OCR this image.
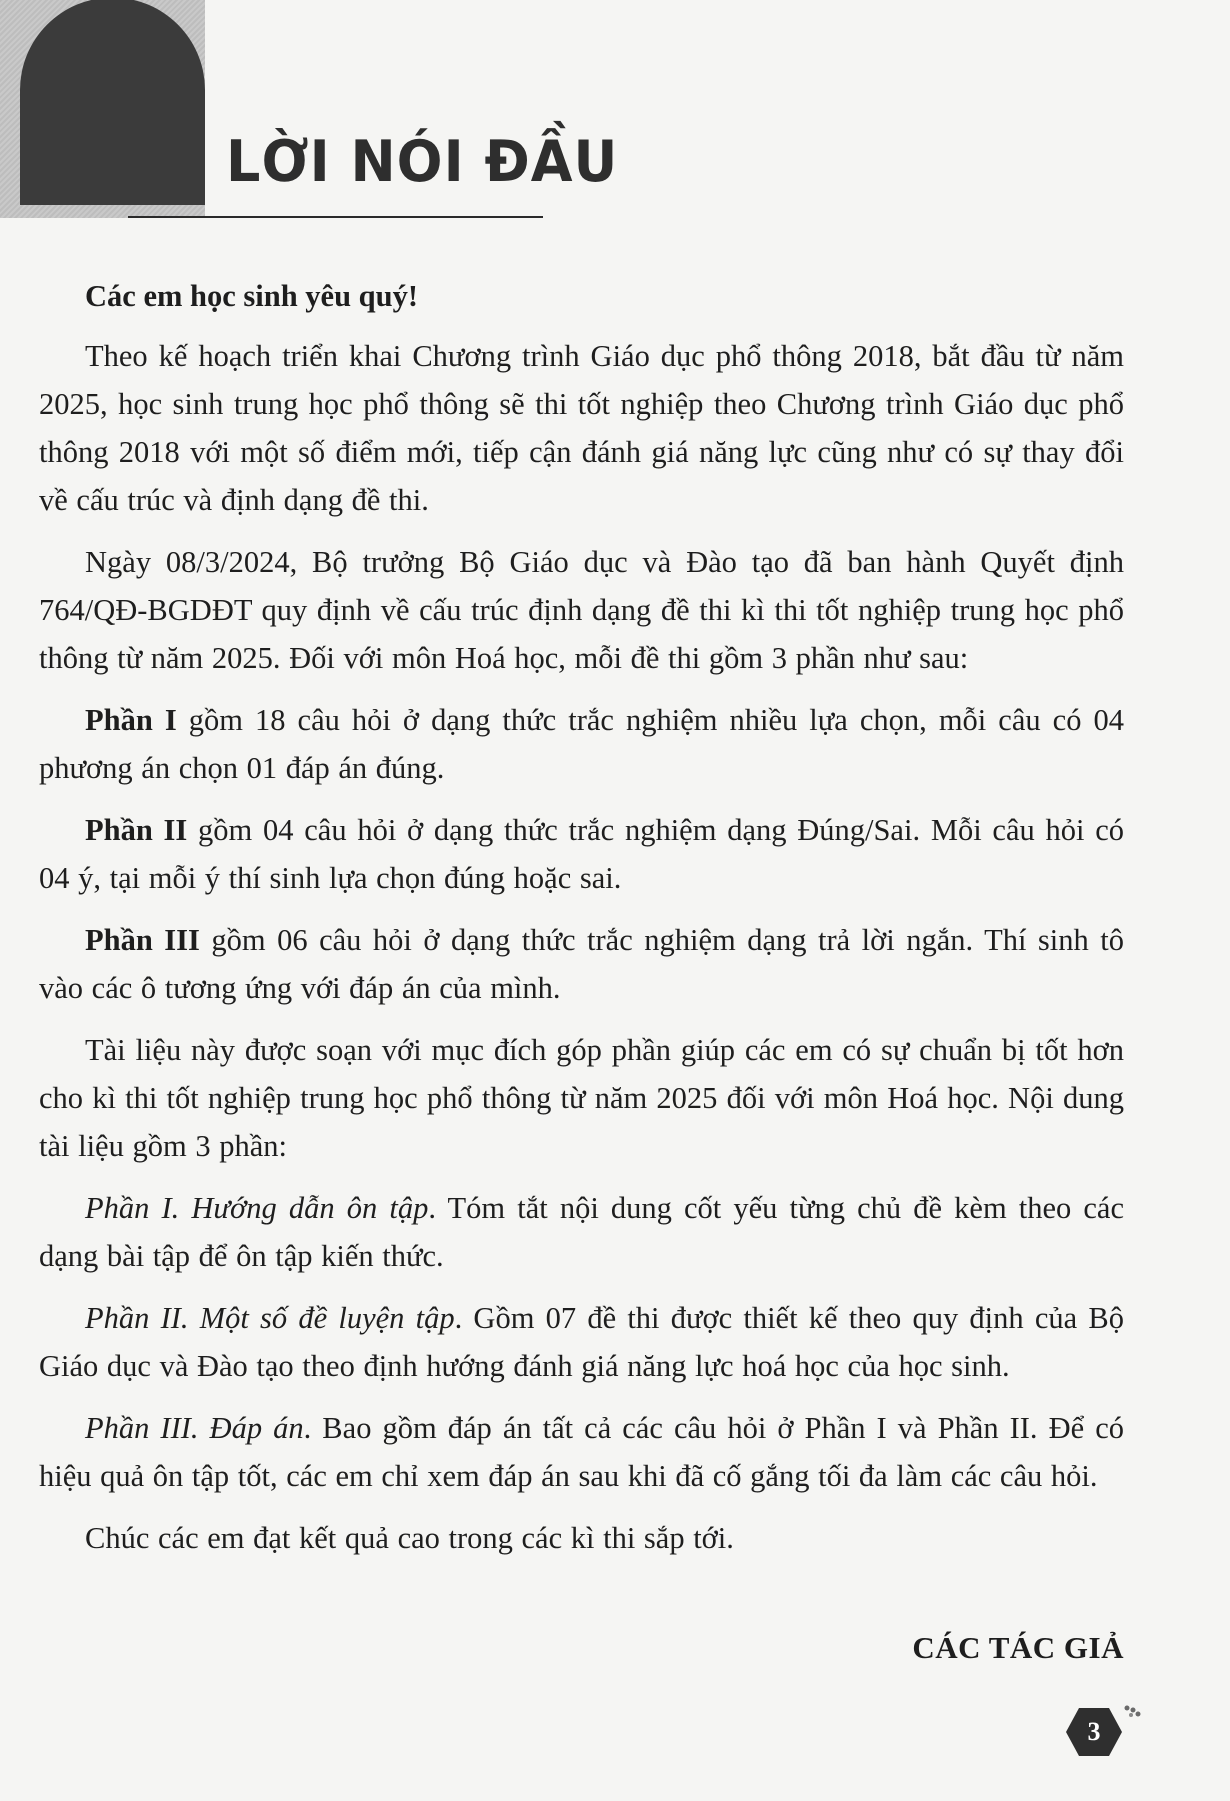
LỜI NÓI ĐẦU

Các em học sinh yêu quý!

Theo kế hoạch triển khai Chương trình Giáo dục phổ thông 2018, bắt đầu từ năm 2025, học sinh trung học phổ thông sẽ thi tốt nghiệp theo Chương trình Giáo dục phổ thông 2018 với một số điểm mới, tiếp cận đánh giá năng lực cũng như có sự thay đổi về cấu trúc và định dạng đề thi.

Ngày 08/3/2024, Bộ trưởng Bộ Giáo dục và Đào tạo đã ban hành Quyết định 764/QĐ-BGDĐT quy định về cấu trúc định dạng đề thi kì thi tốt nghiệp trung học phổ thông từ năm 2025. Đối với môn Hoá học, mỗi đề thi gồm 3 phần như sau:

Phần I gồm 18 câu hỏi ở dạng thức trắc nghiệm nhiều lựa chọn, mỗi câu có 04 phương án chọn 01 đáp án đúng.

Phần II gồm 04 câu hỏi ở dạng thức trắc nghiệm dạng Đúng/Sai. Mỗi câu hỏi có 04 ý, tại mỗi ý thí sinh lựa chọn đúng hoặc sai.

Phần III gồm 06 câu hỏi ở dạng thức trắc nghiệm dạng trả lời ngắn. Thí sinh tô vào các ô tương ứng với đáp án của mình.

Tài liệu này được soạn với mục đích góp phần giúp các em có sự chuẩn bị tốt hơn cho kì thi tốt nghiệp trung học phổ thông từ năm 2025 đối với môn Hoá học. Nội dung tài liệu gồm 3 phần:

Phần I. Hướng dẫn ôn tập. Tóm tắt nội dung cốt yếu từng chủ đề kèm theo các dạng bài tập để ôn tập kiến thức.

Phần II. Một số đề luyện tập. Gồm 07 đề thi được thiết kế theo quy định của Bộ Giáo dục và Đào tạo theo định hướng đánh giá năng lực hoá học của học sinh.

Phần III. Đáp án. Bao gồm đáp án tất cả các câu hỏi ở Phần I và Phần II. Để có hiệu quả ôn tập tốt, các em chỉ xem đáp án sau khi đã cố gắng tối đa làm các câu hỏi.

Chúc các em đạt kết quả cao trong các kì thi sắp tới.

CÁC TÁC GIẢ

3
